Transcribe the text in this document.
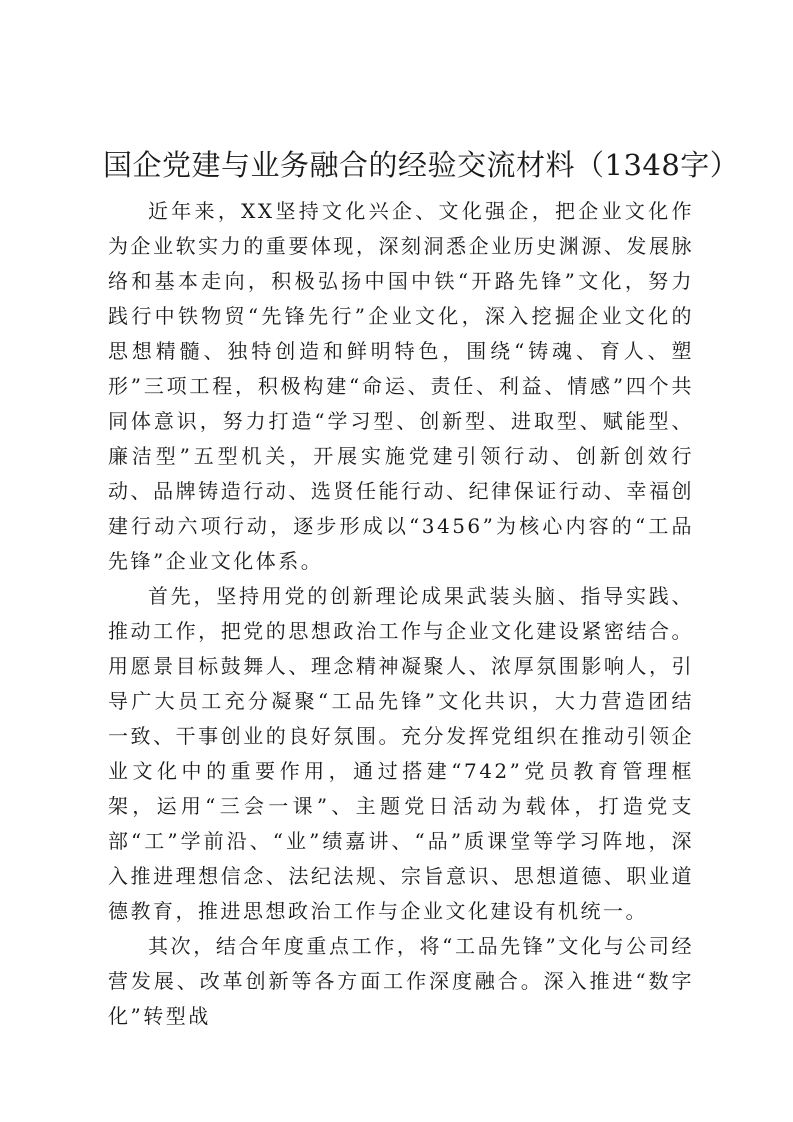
国企党建与业务融合的经验交流材料（1348字）

近年来，XX坚持文化兴企、文化强企，把企业文化作为企业软实力的重要体现，深刻洞悉企业历史渊源、发展脉络和基本走向，积极弘扬中国中铁“开路先锋”文化，努力践行中铁物贸“先锋先行”企业文化，深入挖掘企业文化的思想精髓、独特创造和鲜明特色，围绕“铸魂、育人、塑形”三项工程，积极构建“命运、责任、利益、情感”四个共同体意识，努力打造“学习型、创新型、进取型、赋能型、廉洁型”五型机关，开展实施党建引领行动、创新创效行动、品牌铸造行动、选贤任能行动、纪律保证行动、幸福创建行动六项行动，逐步形成以“3456”为核心内容的“工品先锋”企业文化体系。

首先，坚持用党的创新理论成果武装头脑、指导实践、推动工作，把党的思想政治工作与企业文化建设紧密结合。用愿景目标鼓舞人、理念精神凝聚人、浓厚氛围影响人，引导广大员工充分凝聚“工品先锋”文化共识，大力营造团结一致、干事创业的良好氛围。充分发挥党组织在推动引领企业文化中的重要作用，通过搭建“742”党员教育管理框架，运用“三会一课”、主题党日活动为载体，打造党支部“工”学前沿、“业”绩嘉讲、“品”质课堂等学习阵地，深入推进理想信念、法纪法规、宗旨意识、思想道德、职业道德教育，推进思想政治工作与企业文化建设有机统一。

其次，结合年度重点工作，将“工品先锋”文化与公司经营发展、改革创新等各方面工作深度融合。深入推进“数字化”转型战
